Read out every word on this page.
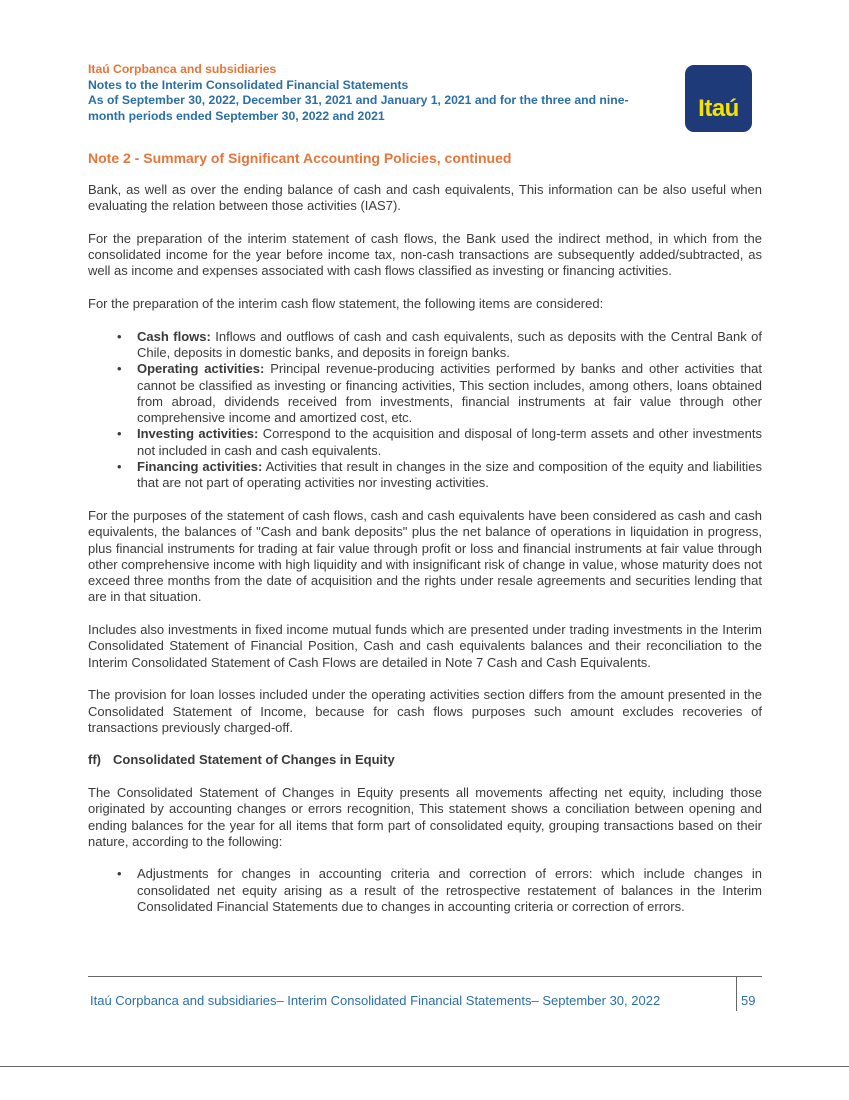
Itaú Corpbanca and subsidiaries
Notes to the Interim Consolidated Financial Statements
As of September 30, 2022, December 31, 2021 and January 1, 2021 and for the three and nine-month periods ended September 30, 2022 and 2021	Itaú
Note 2 - Summary of Significant Accounting Policies, continued

Bank, as well as over the ending balance of cash and cash equivalents, This information can be also useful when evaluating the relation between those activities (IAS7).

For the preparation of the interim statement of cash flows, the Bank used the indirect method, in which from the consolidated income for the year before income tax, non-cash transactions are subsequently added/subtracted, as well as income and expenses associated with cash flows classified as investing or financing activities.

For the preparation of the interim cash flow statement, the following items are considered:

• Cash flows: Inflows and outflows of cash and cash equivalents, such as deposits with the Central Bank of Chile, deposits in domestic banks, and deposits in foreign banks.
• Operating activities: Principal revenue-producing activities performed by banks and other activities that cannot be classified as investing or financing activities, This section includes, among others, loans obtained from abroad, dividends received from investments, financial instruments at fair value through other comprehensive income and amortized cost, etc.
• Investing activities: Correspond to the acquisition and disposal of long-term assets and other investments not included in cash and cash equivalents.
• Financing activities: Activities that result in changes in the size and composition of the equity and liabilities that are not part of operating activities nor investing activities.

For the purposes of the statement of cash flows, cash and cash equivalents have been considered as cash and cash equivalents, the balances of "Cash and bank deposits" plus the net balance of operations in liquidation in progress, plus financial instruments for trading at fair value through profit or loss and financial instruments at fair value through other comprehensive income with high liquidity and with insignificant risk of change in value, whose maturity does not exceed three months from the date of acquisition and the rights under resale agreements and securities lending that are in that situation.

Includes also investments in fixed income mutual funds which are presented under trading investments in the Interim Consolidated Statement of Financial Position, Cash and cash equivalents balances and their reconciliation to the Interim Consolidated Statement of Cash Flows are detailed in Note 7 Cash and Cash Equivalents.

The provision for loan losses included under the operating activities section differs from the amount presented in the Consolidated Statement of Income, because for cash flows purposes such amount excludes recoveries of transactions previously charged-off.

ff) Consolidated Statement of Changes in Equity

The Consolidated Statement of Changes in Equity presents all movements affecting net equity, including those originated by accounting changes or errors recognition, This statement shows a conciliation between opening and ending balances for the year for all items that form part of consolidated equity, grouping transactions based on their nature, according to the following:

• Adjustments for changes in accounting criteria and correction of errors: which include changes in consolidated net equity arising as a result of the retrospective restatement of balances in the Interim Consolidated Financial Statements due to changes in accounting criteria or correction of errors.
Itaú Corpbanca and subsidiaries– Interim Consolidated Financial Statements– September 30, 2022	59
